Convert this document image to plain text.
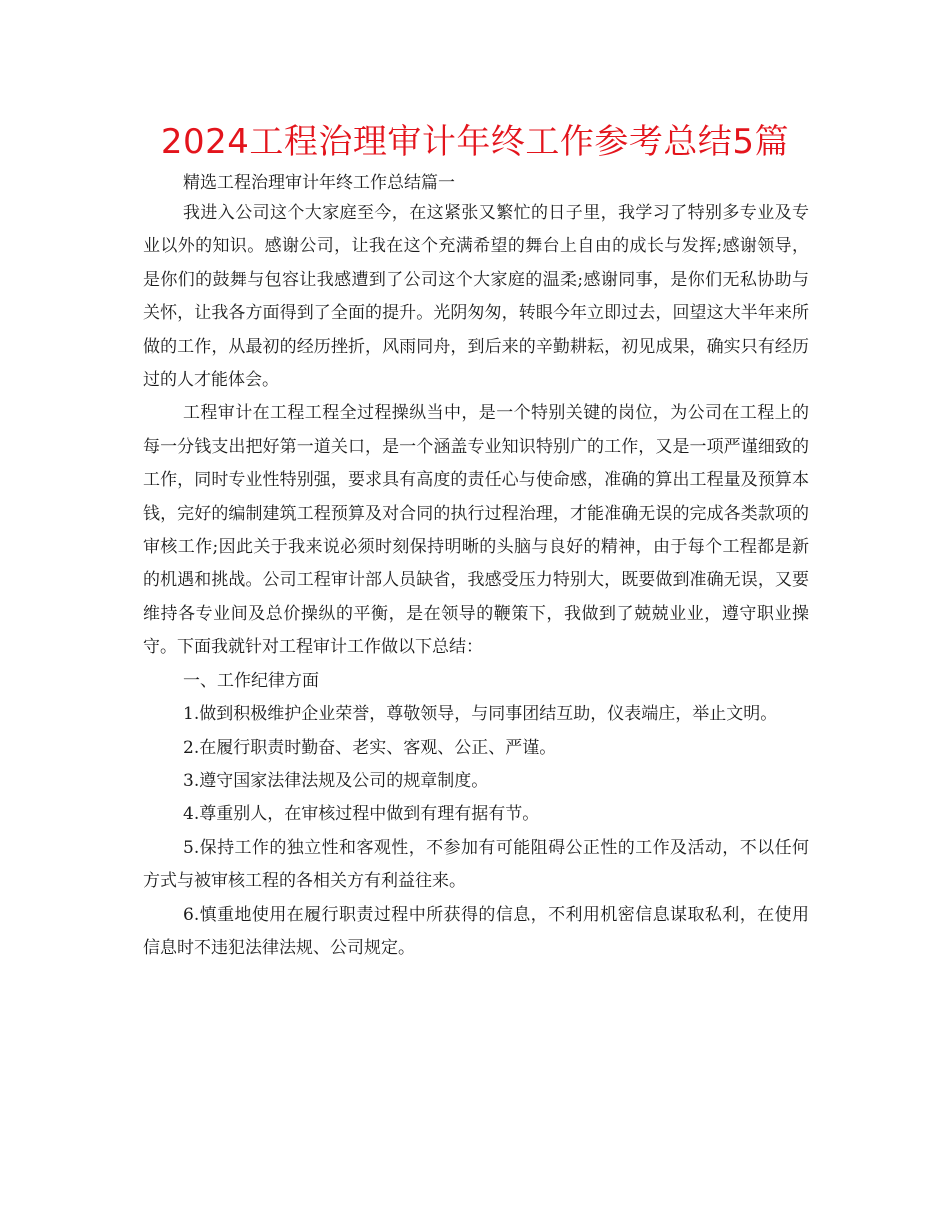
2024工程治理审计年终工作参考总结5篇

精选工程治理审计年终工作总结篇一

我进入公司这个大家庭至今，在这紧张又繁忙的日子里，我学习了特别多专业及专业以外的知识。感谢公司，让我在这个充满希望的舞台上自由的成长与发挥;感谢领导，是你们的鼓舞与包容让我感遭到了公司这个大家庭的温柔;感谢同事，是你们无私协助与关怀，让我各方面得到了全面的提升。光阴匆匆，转眼今年立即过去，回望这大半年来所做的工作，从最初的经历挫折，风雨同舟，到后来的辛勤耕耘，初见成果，确实只有经历过的人才能体会。

工程审计在工程工程全过程操纵当中，是一个特别关键的岗位，为公司在工程上的每一分钱支出把好第一道关口，是一个涵盖专业知识特别广的工作，又是一项严谨细致的工作，同时专业性特别强，要求具有高度的责任心与使命感，准确的算出工程量及预算本钱，完好的编制建筑工程预算及对合同的执行过程治理，才能准确无误的完成各类款项的审核工作;因此关于我来说必须时刻保持明晰的头脑与良好的精神，由于每个工程都是新的机遇和挑战。公司工程审计部人员缺省，我感受压力特别大，既要做到准确无误，又要维持各专业间及总价操纵的平衡，是在领导的鞭策下，我做到了兢兢业业，遵守职业操守。下面我就针对工程审计工作做以下总结：

一、工作纪律方面

1.做到积极维护企业荣誉，尊敬领导，与同事团结互助，仪表端庄，举止文明。

2.在履行职责时勤奋、老实、客观、公正、严谨。

3.遵守国家法律法规及公司的规章制度。

4.尊重别人，在审核过程中做到有理有据有节。

5.保持工作的独立性和客观性，不参加有可能阻碍公正性的工作及活动，不以任何方式与被审核工程的各相关方有利益往来。

6.慎重地使用在履行职责过程中所获得的信息，不利用机密信息谋取私利，在使用信息时不违犯法律法规、公司规定。
